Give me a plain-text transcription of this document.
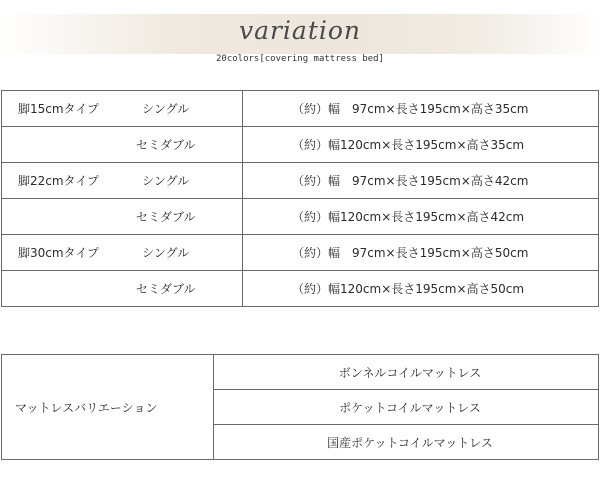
variation
20colors[covering mattress bed]
脚15cmタイプ シングル	（約）幅　97cm×長さ195cm×高さ35cm

セミダブル	（約）幅120cm×長さ195cm×高さ35cm

脚22cmタイプ シングル	（約）幅　97cm×長さ195cm×高さ42cm

セミダブル	（約）幅120cm×長さ195cm×高さ42cm

脚30cmタイプ シングル	（約）幅　97cm×長さ195cm×高さ50cm

セミダブル	（約）幅120cm×長さ195cm×高さ50cm
マットレスバリエーション	ボンネルコイルマットレス
ポケットコイルマットレス
国産ポケットコイルマットレス
